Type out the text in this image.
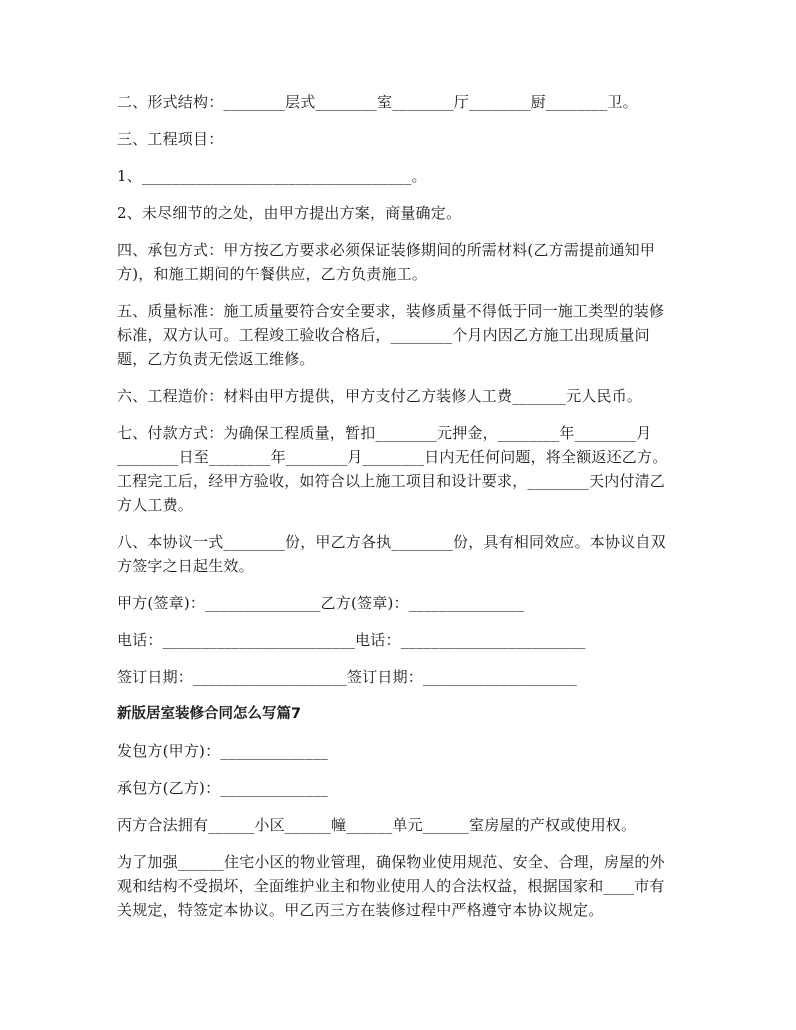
二、形式结构：________层式________室________厅________厨________卫。

三、工程项目：

1、___________________________________。

2、未尽细节的之处，由甲方提出方案，商量确定。

四、承包方式：甲方按乙方要求必须保证装修期间的所需材料(乙方需提前通知甲
方)，和施工期间的午餐供应，乙方负责施工。

五、质量标准：施工质量要符合安全要求，装修质量不得低于同一施工类型的装修
标准，双方认可。工程竣工验收合格后，________个月内因乙方施工出现质量问
题，乙方负责无偿返工维修。

六、工程造价：材料由甲方提供，甲方支付乙方装修人工费_______元人民币。

七、付款方式：为确保工程质量，暂扣________元押金，________年________月
________日至________年________月________日内无任何问题，将全额返还乙方。
工程完工后，经甲方验收，如符合以上施工项目和设计要求，________天内付清乙
方人工费。

八、本协议一式________份，甲乙方各执________份，具有相同效应。本协议自双
方签字之日起生效。

甲方(签章)：_______________乙方(签章)：_______________

电话：_________________________电话：________________________

签订日期：____________________签订日期：____________________

新版居室装修合同怎么写篇7

发包方(甲方)：______________

承包方(乙方)：______________

丙方合法拥有______小区______幢______单元______室房屋的产权或使用权。

为了加强______住宅小区的物业管理，确保物业使用规范、安全、合理，房屋的外
观和结构不受损坏，全面维护业主和物业使用人的合法权益，根据国家和____市有
关规定，特签定本协议。甲乙丙三方在装修过程中严格遵守本协议规定。
